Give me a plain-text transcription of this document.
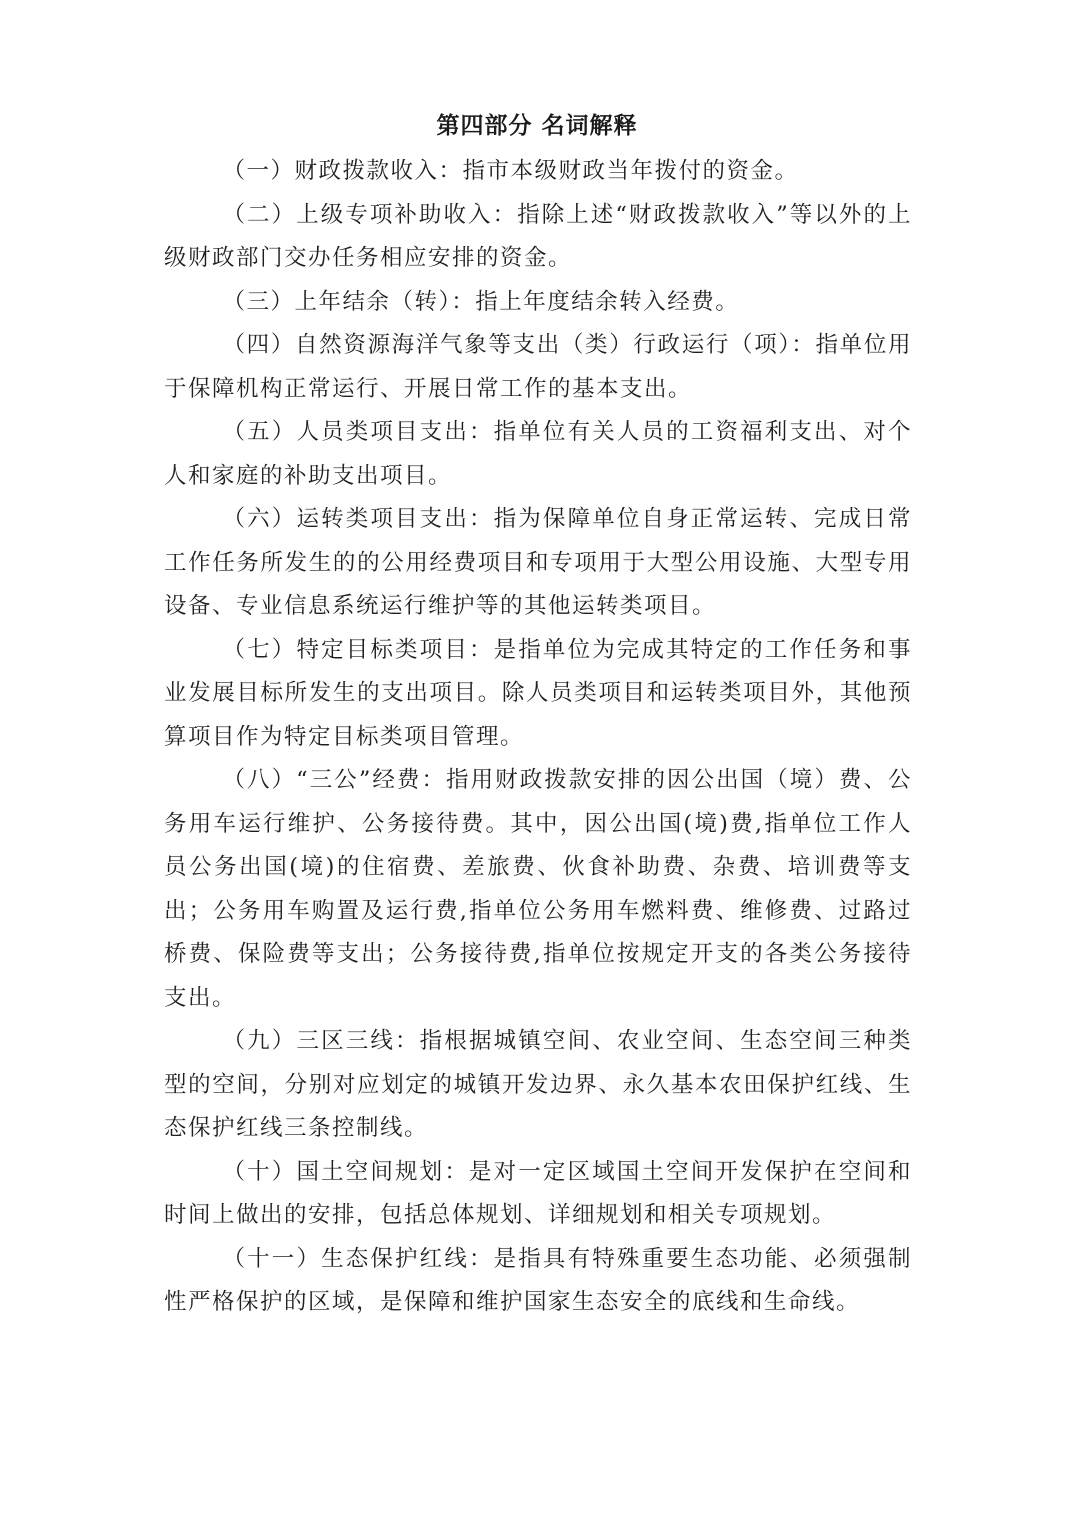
第四部分 名词解释

（一）财政拨款收入：指市本级财政当年拨付的资金。

（二）上级专项补助收入：指除上述“财政拨款收入”等以外的上级财政部门交办任务相应安排的资金。

（三）上年结余（转）：指上年度结余转入经费。

（四）自然资源海洋气象等支出（类）行政运行（项）：指单位用于保障机构正常运行、开展日常工作的基本支出。

（五）人员类项目支出：指单位有关人员的工资福利支出、对个人和家庭的补助支出项目。

（六）运转类项目支出：指为保障单位自身正常运转、完成日常工作任务所发生的的公用经费项目和专项用于大型公用设施、大型专用设备、专业信息系统运行维护等的其他运转类项目。

（七）特定目标类项目：是指单位为完成其特定的工作任务和事业发展目标所发生的支出项目。除人员类项目和运转类项目外，其他预算项目作为特定目标类项目管理。

（八）“三公”经费：指用财政拨款安排的因公出国（境）费、公务用车运行维护、公务接待费。其中，因公出国(境)费,指单位工作人员公务出国(境)的住宿费、差旅费、伙食补助费、杂费、培训费等支出；公务用车购置及运行费,指单位公务用车燃料费、维修费、过路过桥费、保险费等支出；公务接待费,指单位按规定开支的各类公务接待支出。

（九）三区三线：指根据城镇空间、农业空间、生态空间三种类型的空间，分别对应划定的城镇开发边界、永久基本农田保护红线、生态保护红线三条控制线。

（十）国土空间规划：是对一定区域国土空间开发保护在空间和时间上做出的安排，包括总体规划、详细规划和相关专项规划。

（十一）生态保护红线：是指具有特殊重要生态功能、必须强制性严格保护的区域，是保障和维护国家生态安全的底线和生命线。
